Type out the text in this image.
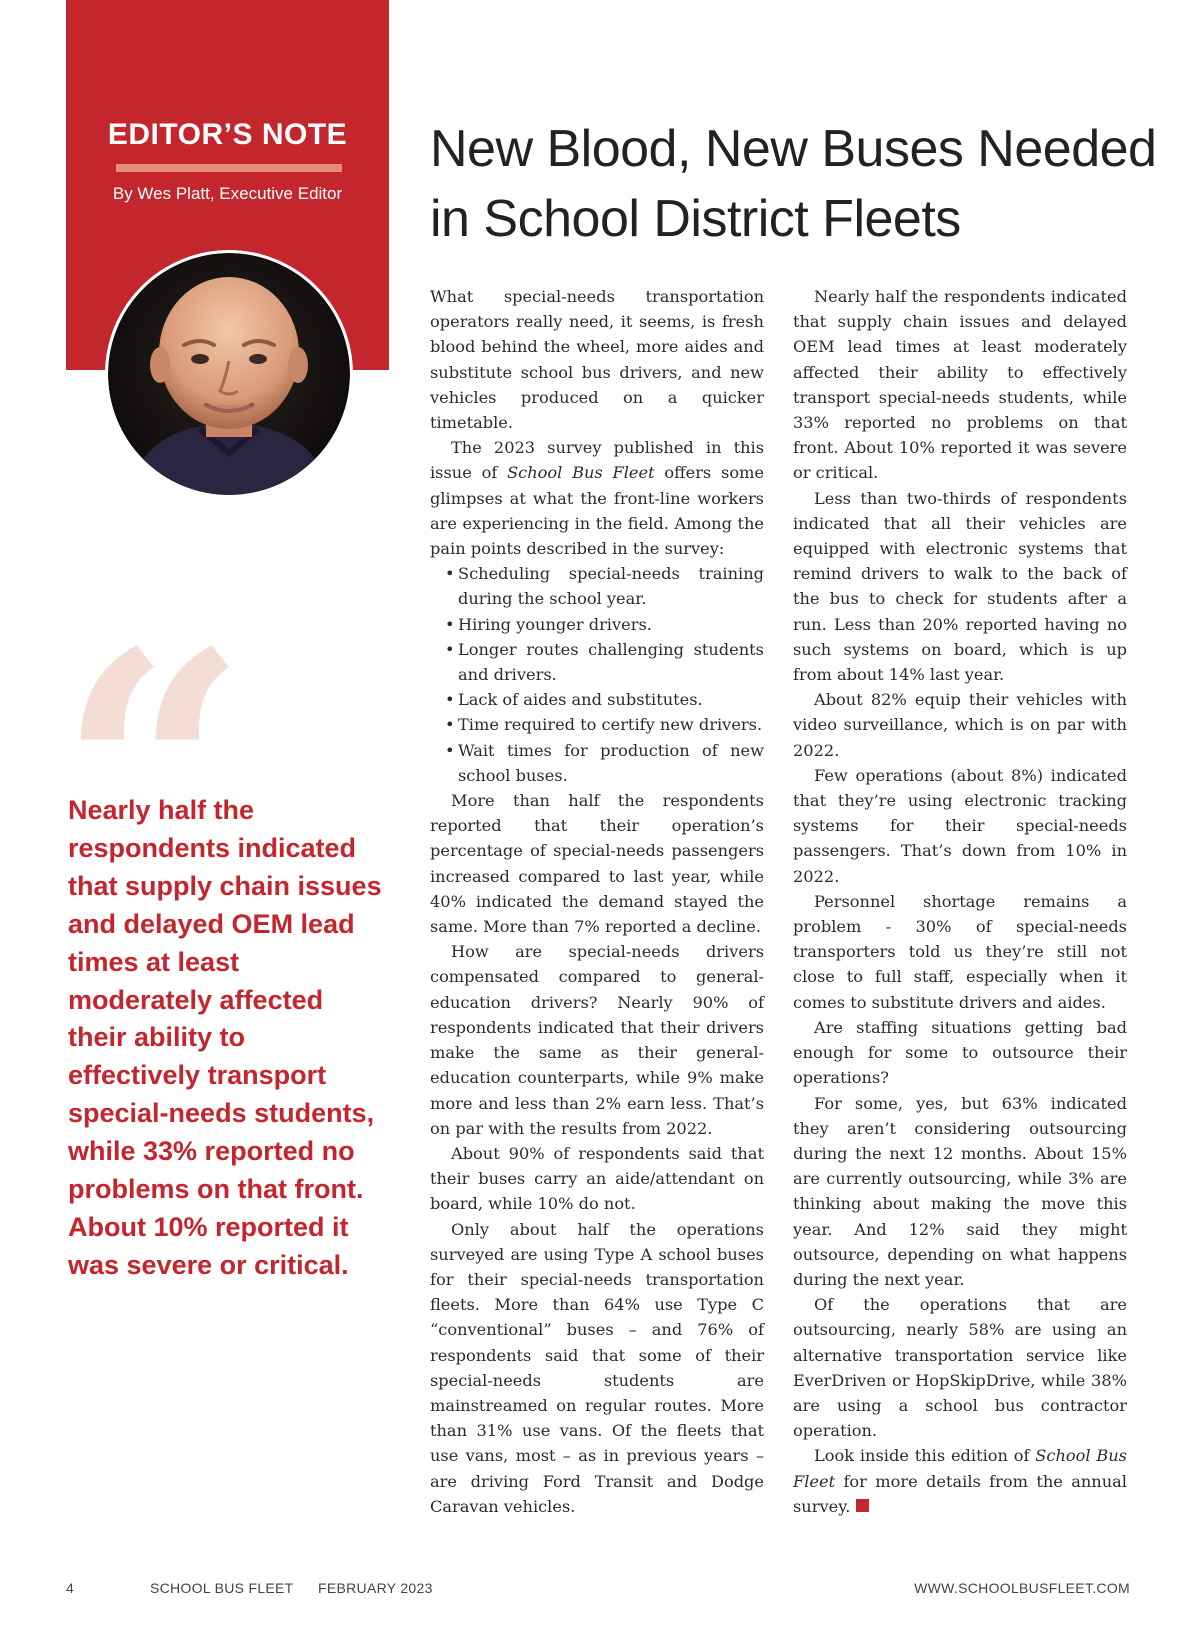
EDITOR’S NOTE
By Wes Platt, Executive Editor

Nearly half the respondents indicated that supply chain issues and delayed OEM lead times at least moderately affected their ability to effectively transport special-needs students, while 33% reported no problems on that front. About 10% reported it was severe or critical.

New Blood, New Buses Needed in School District Fleets

What special-needs transportation operators really need, it seems, is fresh blood behind the wheel, more aides and substitute school bus drivers, and new vehicles produced on a quicker timetable.

The 2023 survey published in this issue of School Bus Fleet offers some glimpses at what the front-line workers are experiencing in the field. Among the pain points described in the survey:

• Scheduling special-needs training during the school year.
• Hiring younger drivers.
• Longer routes challenging students and drivers.
• Lack of aides and substitutes.
• Time required to certify new drivers.
• Wait times for production of new school buses.

More than half the respondents reported that their operation’s percentage of special-needs passengers increased compared to last year, while 40% indicated the demand stayed the same. More than 7% reported a decline.

How are special-needs drivers compensated compared to general-education drivers? Nearly 90% of respondents indicated that their drivers make the same as their general-education counterparts, while 9% make more and less than 2% earn less. That’s on par with the results from 2022.

About 90% of respondents said that their buses carry an aide/attendant on board, while 10% do not.

Only about half the operations surveyed are using Type A school buses for their special-needs transportation fleets. More than 64% use Type C “conventional” buses – and 76% of respondents said that some of their special-needs students are mainstreamed on regular routes. More than 31% use vans. Of the fleets that use vans, most – as in previous years – are driving Ford Transit and Dodge Caravan vehicles.

Nearly half the respondents indicated that supply chain issues and delayed OEM lead times at least moderately affected their ability to effectively transport special-needs students, while 33% reported no problems on that front. About 10% reported it was severe or critical.

Less than two-thirds of respondents indicated that all their vehicles are equipped with electronic systems that remind drivers to walk to the back of the bus to check for students after a run. Less than 20% reported having no such systems on board, which is up from about 14% last year.

About 82% equip their vehicles with video surveillance, which is on par with 2022.

Few operations (about 8%) indicated that they’re using electronic tracking systems for their special-needs passengers. That’s down from 10% in 2022.

Personnel shortage remains a problem - 30% of special-needs transporters told us they’re still not close to full staff, especially when it comes to substitute drivers and aides.

Are staffing situations getting bad enough for some to outsource their operations?

For some, yes, but 63% indicated they aren’t considering outsourcing during the next 12 months. About 15% are currently outsourcing, while 3% are thinking about making the move this year. And 12% said they might outsource, depending on what happens during the next year.

Of the operations that are outsourcing, nearly 58% are using an alternative transportation service like EverDriven or HopSkipDrive, while 38% are using a school bus contractor operation.

Look inside this edition of School Bus Fleet for more details from the annual survey.

4	SCHOOL BUS FLEET FEBRUARY 2023	WWW.SCHOOLBUSFLEET.COM
